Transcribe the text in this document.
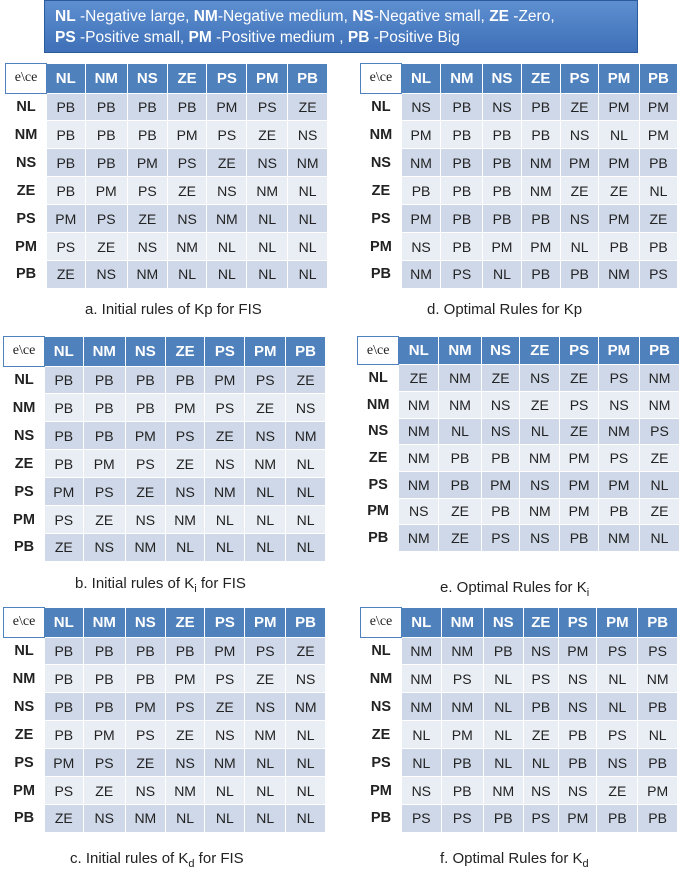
NL -Negative large, NM-Negative medium, NS-Negative small, ZE -Zero,
PS -Positive small, PM -Positive medium , PB -Positive Big
e\ce	NL	NM	NS	ZE	PS	PM	PB
NL	PB	PB	PB	PB	PM	PS	ZE
NM	PB	PB	PB	PM	PS	ZE	NS
NS	PB	PB	PM	PS	ZE	NS	NM
ZE	PB	PM	PS	ZE	NS	NM	NL
PS	PM	PS	ZE	NS	NM	NL	NL
PM	PS	ZE	NS	NM	NL	NL	NL
PB	ZE	NS	NM	NL	NL	NL	NL
a. Initial rules of Kp for FIS
e\ce	NL	NM	NS	ZE	PS	PM	PB
NL	NS	PB	NS	PB	ZE	PM	PM
NM	PM	PB	PB	PB	NS	NL	PM
NS	NM	PB	PB	NM	PM	PM	PB
ZE	PB	PB	PB	NM	ZE	ZE	NL
PS	PM	PB	PB	PB	NS	PM	ZE
PM	NS	PB	PM	PM	NL	PB	PB
PB	NM	PS	NL	PB	PB	NM	PS
d. Optimal Rules for Kp
e\ce	NL	NM	NS	ZE	PS	PM	PB
NL	PB	PB	PB	PB	PM	PS	ZE
NM	PB	PB	PB	PM	PS	ZE	NS
NS	PB	PB	PM	PS	ZE	NS	NM
ZE	PB	PM	PS	ZE	NS	NM	NL
PS	PM	PS	ZE	NS	NM	NL	NL
PM	PS	ZE	NS	NM	NL	NL	NL
PB	ZE	NS	NM	NL	NL	NL	NL
b. Initial rules of $K_i$ for FIS
e\ce	NL	NM	NS	ZE	PS	PM	PB
NL	ZE	NM	ZE	NS	ZE	PS	NM
NM	NM	NM	NS	ZE	PS	NS	NM
NS	NM	NL	NS	NL	ZE	NM	PS
ZE	NM	PB	PB	NM	PM	PS	ZE
PS	NM	PB	PM	NS	PM	PM	NL
PM	NS	ZE	PB	NM	PM	PB	ZE
PB	NM	ZE	PS	NS	PB	NM	NL
e. Optimal Rules for $K_i$
e\ce	NL	NM	NS	ZE	PS	PM	PB
NL	PB	PB	PB	PB	PM	PS	ZE
NM	PB	PB	PB	PM	PS	ZE	NS
NS	PB	PB	PM	PS	ZE	NS	NM
ZE	PB	PM	PS	ZE	NS	NM	NL
PS	PM	PS	ZE	NS	NM	NL	NL
PM	PS	ZE	NS	NM	NL	NL	NL
PB	ZE	NS	NM	NL	NL	NL	NL
c. Initial rules of $K_d$ for FIS
e\ce	NL	NM	NS	ZE	PS	PM	PB
NL	NM	NM	PB	NS	PM	PS	PS
NM	NM	PS	NL	PS	NS	NL	NM
NS	NM	NM	NL	PB	NS	NL	PB
ZE	NL	PM	NL	ZE	PB	PS	NL
PS	NL	PB	NL	NL	PB	NS	PB
PM	NS	PB	NM	NS	NS	ZE	PM
PB	PS	PS	PB	PS	PM	PB	PB
f. Optimal Rules for $K_d$
